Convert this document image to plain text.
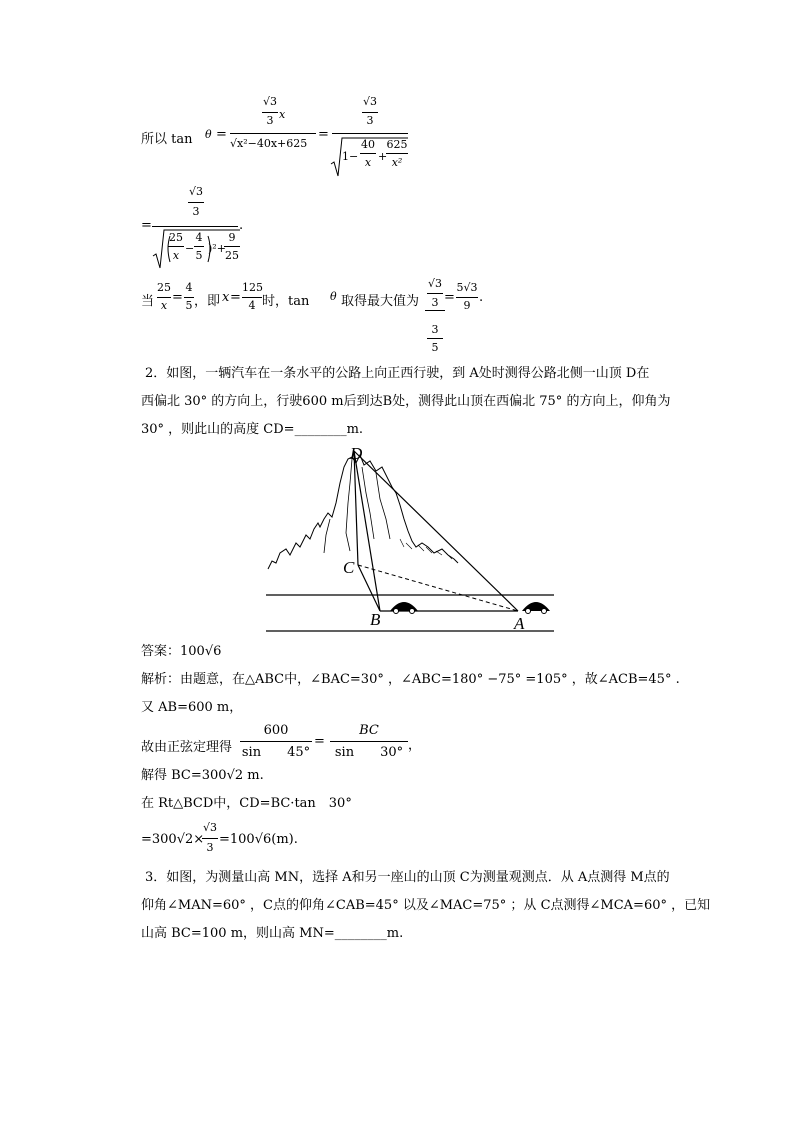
所以 tan θ =
√3
3 x
√x²−40x+625
=
√3
3
1−
40
x +
625
x²
=
√3
3
25
x
−
4
5
)²+
9
25
.
当
25
x
=
4
5 ，即 x =
125
4 时，tan θ 取得最大值为
√3
3
3
5
=
5√3
9
.
2．如图，一辆汽车在一条水平的公路上向正西行驶，到 A处时测得公路北侧一山顶 D在
西偏北 30° 的方向上，行驶600 m后到达B处，测得此山顶在西偏北 75° 的方向上，仰角为
30° ，则此山的高度 CD=________m.
D
C
B	A
答案：100√6
解析：由题意，在△ABC中，∠BAC=30° ，∠ABC=180° −75° =105° ，故∠ACB=45° .
又 AB=600 m，
故由正弦定理得
600
sin　　45°
=
BC
sin　　30° ，
解得 BC=300√2 m.
在 Rt△BCD中，CD=BC·tan　30°
=300√2×
√3
3
=100√6(m).
3．如图，为测量山高 MN，选择 A和另一座山的山顶 C为测量观测点．从 A点测得 M点的
仰角∠MAN=60° ，C点的仰角∠CAB=45° 以及∠MAC=75° ；从 C点测得∠MCA=60° ，已知
山高 BC=100 m，则山高 MN=________m.
